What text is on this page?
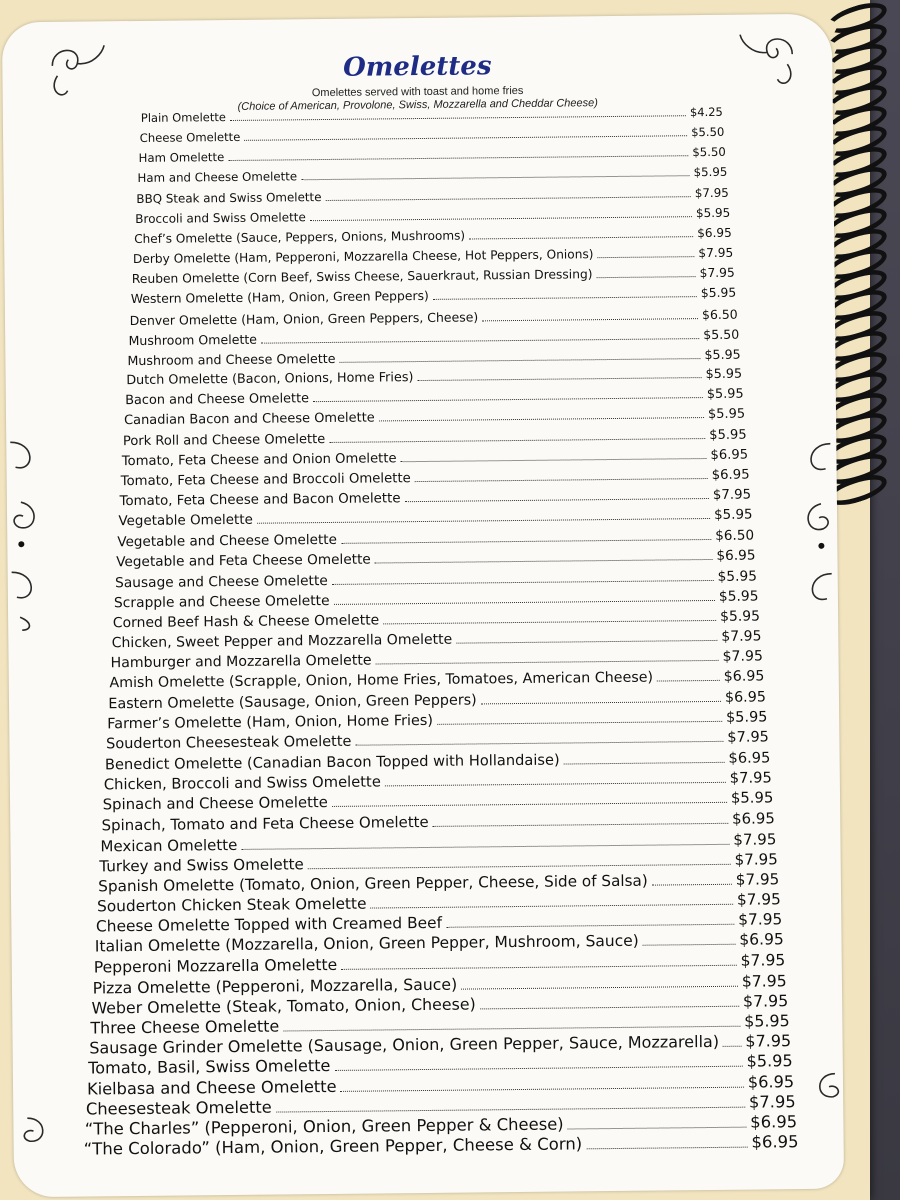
Omelettes
Omelettes served with toast and home fries
(Choice of American, Provolone, Swiss, Mozzarella and Cheddar Cheese)
Plain Omelette	$4.25
Cheese Omelette	$5.50
Ham Omelette	$5.50
Ham and Cheese Omelette	$5.95
BBQ Steak and Swiss Omelette	$7.95
Broccoli and Swiss Omelette	$5.95
Chef’s Omelette (Sauce, Peppers, Onions, Mushrooms)	$6.95
Derby Omelette (Ham, Pepperoni, Mozzarella Cheese, Hot Peppers, Onions)	$7.95
Reuben Omelette (Corn Beef, Swiss Cheese, Sauerkraut, Russian Dressing)	$7.95
Western Omelette (Ham, Onion, Green Peppers)	$5.95
Denver Omelette (Ham, Onion, Green Peppers, Cheese)	$6.50
Mushroom Omelette	$5.50
Mushroom and Cheese Omelette	$5.95
Dutch Omelette (Bacon, Onions, Home Fries)	$5.95
Bacon and Cheese Omelette	$5.95
Canadian Bacon and Cheese Omelette	$5.95
Pork Roll and Cheese Omelette	$5.95
Tomato, Feta Cheese and Onion Omelette	$6.95
Tomato, Feta Cheese and Broccoli Omelette	$6.95
Tomato, Feta Cheese and Bacon Omelette	$7.95
Vegetable Omelette	$5.95
Vegetable and Cheese Omelette	$6.50
Vegetable and Feta Cheese Omelette	$6.95
Sausage and Cheese Omelette	$5.95
Scrapple and Cheese Omelette	$5.95
Corned Beef Hash & Cheese Omelette	$5.95
Chicken, Sweet Pepper and Mozzarella Omelette	$7.95
Hamburger and Mozzarella Omelette	$7.95
Amish Omelette (Scrapple, Onion, Home Fries, Tomatoes, American Cheese)	$6.95
Eastern Omelette (Sausage, Onion, Green Peppers)	$6.95
Farmer’s Omelette (Ham, Onion, Home Fries)	$5.95
Souderton Cheesesteak Omelette	$7.95
Benedict Omelette (Canadian Bacon Topped with Hollandaise)	$6.95
Chicken, Broccoli and Swiss Omelette	$7.95
Spinach and Cheese Omelette	$5.95
Spinach, Tomato and Feta Cheese Omelette	$6.95
Mexican Omelette	$7.95
Turkey and Swiss Omelette	$7.95
Spanish Omelette (Tomato, Onion, Green Pepper, Cheese, Side of Salsa)	$7.95
Souderton Chicken Steak Omelette	$7.95
Cheese Omelette Topped with Creamed Beef	$7.95
Italian Omelette (Mozzarella, Onion, Green Pepper, Mushroom, Sauce)	$6.95
Pepperoni Mozzarella Omelette	$7.95
Pizza Omelette (Pepperoni, Mozzarella, Sauce)	$7.95
Weber Omelette (Steak, Tomato, Onion, Cheese)	$7.95
Three Cheese Omelette	$5.95
Sausage Grinder Omelette (Sausage, Onion, Green Pepper, Sauce, Mozzarella) $7.95
Tomato, Basil, Swiss Omelette	$5.95
Kielbasa and Cheese Omelette	$6.95
Cheesesteak Omelette	$7.95
“The Charles” (Pepperoni, Onion, Green Pepper & Cheese)	$6.95
“The Colorado” (Ham, Onion, Green Pepper, Cheese & Corn)	$6.95
